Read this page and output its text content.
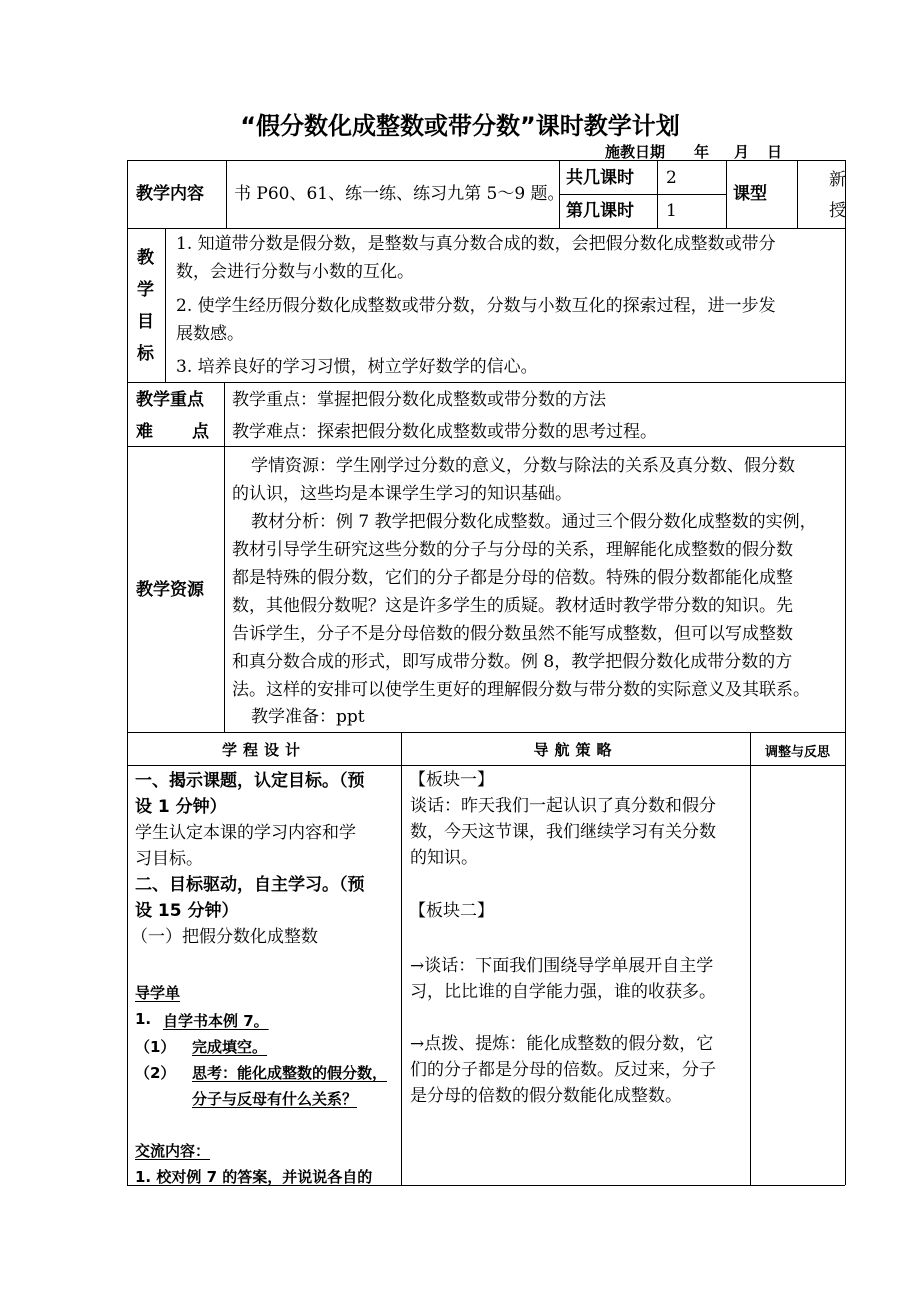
“假分数化成整数或带分数”课时教学计划
施教日期 年 月 日
教学内容 书 P60、61、练一练、练习九第 5～9 题。
共几课时 2
第几课时 1
课型
新
授
教
学
目
标
1. 知道带分数是假分数，是整数与真分数合成的数，会把假分数化成整数或带分
数，会进行分数与小数的互化。
2. 使学生经历假分数化成整数或带分数，分数与小数互化的探索过程，进一步发
展数感。
3. 培养良好的学习习惯，树立学好数学的信心。
教学重点
难 点
教学重点：掌握把假分数化成整数或带分数的方法
教学难点：探索把假分数化成整数或带分数的思考过程。
教学资源
学情资源：学生刚学过分数的意义，分数与除法的关系及真分数、假分数
的认识，这些均是本课学生学习的知识基础。
教材分析：例 7 教学把假分数化成整数。通过三个假分数化成整数的实例，
教材引导学生研究这些分数的分子与分母的关系，理解能化成整数的假分数
都是特殊的假分数，它们的分子都是分母的倍数。特殊的假分数都能化成整
数，其他假分数呢？这是许多学生的质疑。教材适时教学带分数的知识。先
告诉学生，分子不是分母倍数的假分数虽然不能写成整数，但可以写成整数
和真分数合成的形式，即写成带分数。例 8，教学把假分数化成带分数的方
法。这样的安排可以使学生更好的理解假分数与带分数的实际意义及其联系。
教学准备：ppt
学程设计	导航策略	调整与反思
一、揭示课题，认定目标。（预
设 1 分钟）
学生认定本课的学习内容和学
习目标。
二、目标驱动，自主学习。（预
设 15 分钟）
（一）把假分数化成整数
导学单
1. 自学书本例 7。
（1） 完成填空。
（2） 思考：能化成整数的假分数，
分子与反母有什么关系？
交流内容：
1. 校对例 7 的答案，并说说各自的
【板块一】
谈话：昨天我们一起认识了真分数和假分
数，今天这节课，我们继续学习有关分数
的知识。
【板块二】
→谈话：下面我们围绕导学单展开自主学
习，比比谁的自学能力强，谁的收获多。
→点拨、提炼：能化成整数的假分数，它
们的分子都是分母的倍数。反过来，分子
是分母的倍数的假分数能化成整数。
